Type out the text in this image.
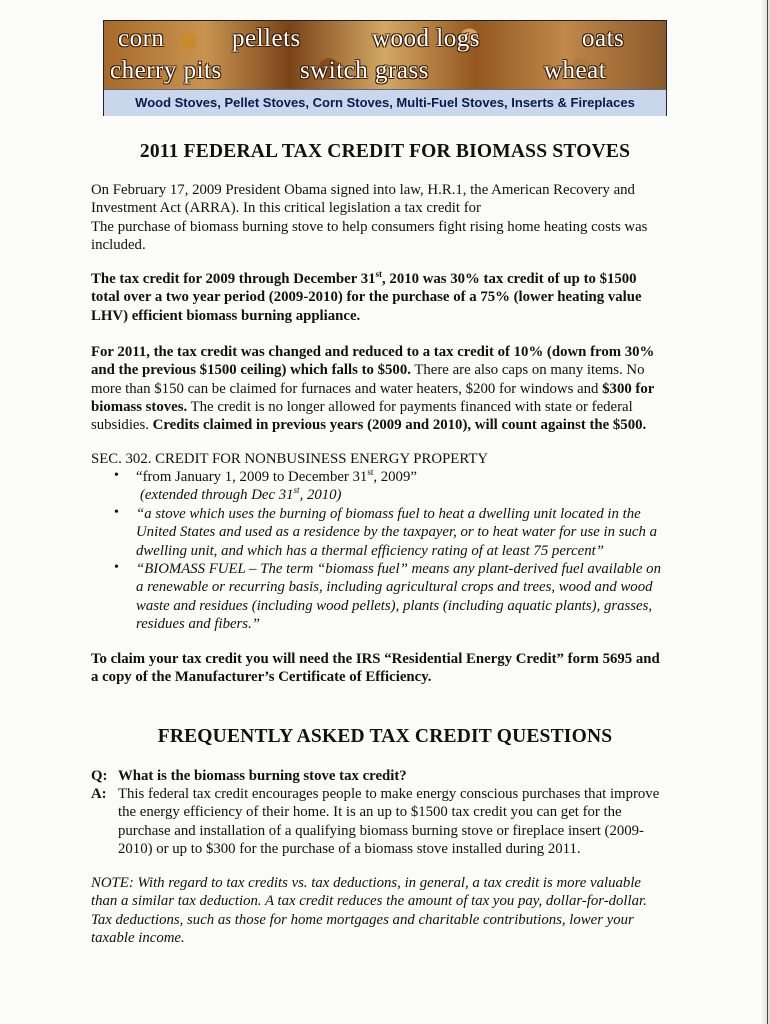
corn	pellets	wood logs	oats
cherry pits	switch grass	wheat
Wood Stoves, Pellet Stoves, Corn Stoves, Multi-Fuel Stoves, Inserts & Fireplaces
2011 FEDERAL TAX CREDIT FOR BIOMASS STOVES
On February 17, 2009 President Obama signed into law, H.R.1, the American Recovery and
Investment Act (ARRA). In this critical legislation a tax credit for
The purchase of biomass burning stove to help consumers fight rising home heating costs was
included.
The tax credit for 2009 through December 31st, 2010 was 30% tax credit of up to $1500
total over a two year period (2009-2010) for the purchase of a 75% (lower heating value
LHV) efficient biomass burning appliance.
For 2011, the tax credit was changed and reduced to a tax credit of 10% (down from 30%
and the previous $1500 ceiling) which falls to $500. There are also caps on many items. No
more than $150 can be claimed for furnaces and water heaters, $200 for windows and $300 for
biomass stoves. The credit is no longer allowed for payments financed with state or federal
subsidies. Credits claimed in previous years (2009 and 2010), will count against the $500.
SEC. 302. CREDIT FOR NONBUSINESS ENERGY PROPERTY
•	“from January 1, 2009 to December 31st, 2009”
(extended through Dec 31st, 2010)
•	“a stove which uses the burning of biomass fuel to heat a dwelling unit located in the
United States and used as a residence by the taxpayer, or to heat water for use in such a
dwelling unit, and which has a thermal efficiency rating of at least 75 percent”
•	“BIOMASS FUEL – The term “biomass fuel” means any plant-derived fuel available on
a renewable or recurring basis, including agricultural crops and trees, wood and wood
waste and residues (including wood pellets), plants (including aquatic plants), grasses,
residues and fibers.”
To claim your tax credit you will need the IRS “Residential Energy Credit” form 5695 and
a copy of the Manufacturer’s Certificate of Efficiency.
FREQUENTLY ASKED TAX CREDIT QUESTIONS
Q: What is the biomass burning stove tax credit?
A: This federal tax credit encourages people to make energy conscious purchases that improve
the energy efficiency of their home. It is an up to $1500 tax credit you can get for the
purchase and installation of a qualifying biomass burning stove or fireplace insert (2009-
2010) or up to $300 for the purchase of a biomass stove installed during 2011.
NOTE: With regard to tax credits vs. tax deductions, in general, a tax credit is more valuable
than a similar tax deduction. A tax credit reduces the amount of tax you pay, dollar-for-dollar.
Tax deductions, such as those for home mortgages and charitable contributions, lower your
taxable income.
